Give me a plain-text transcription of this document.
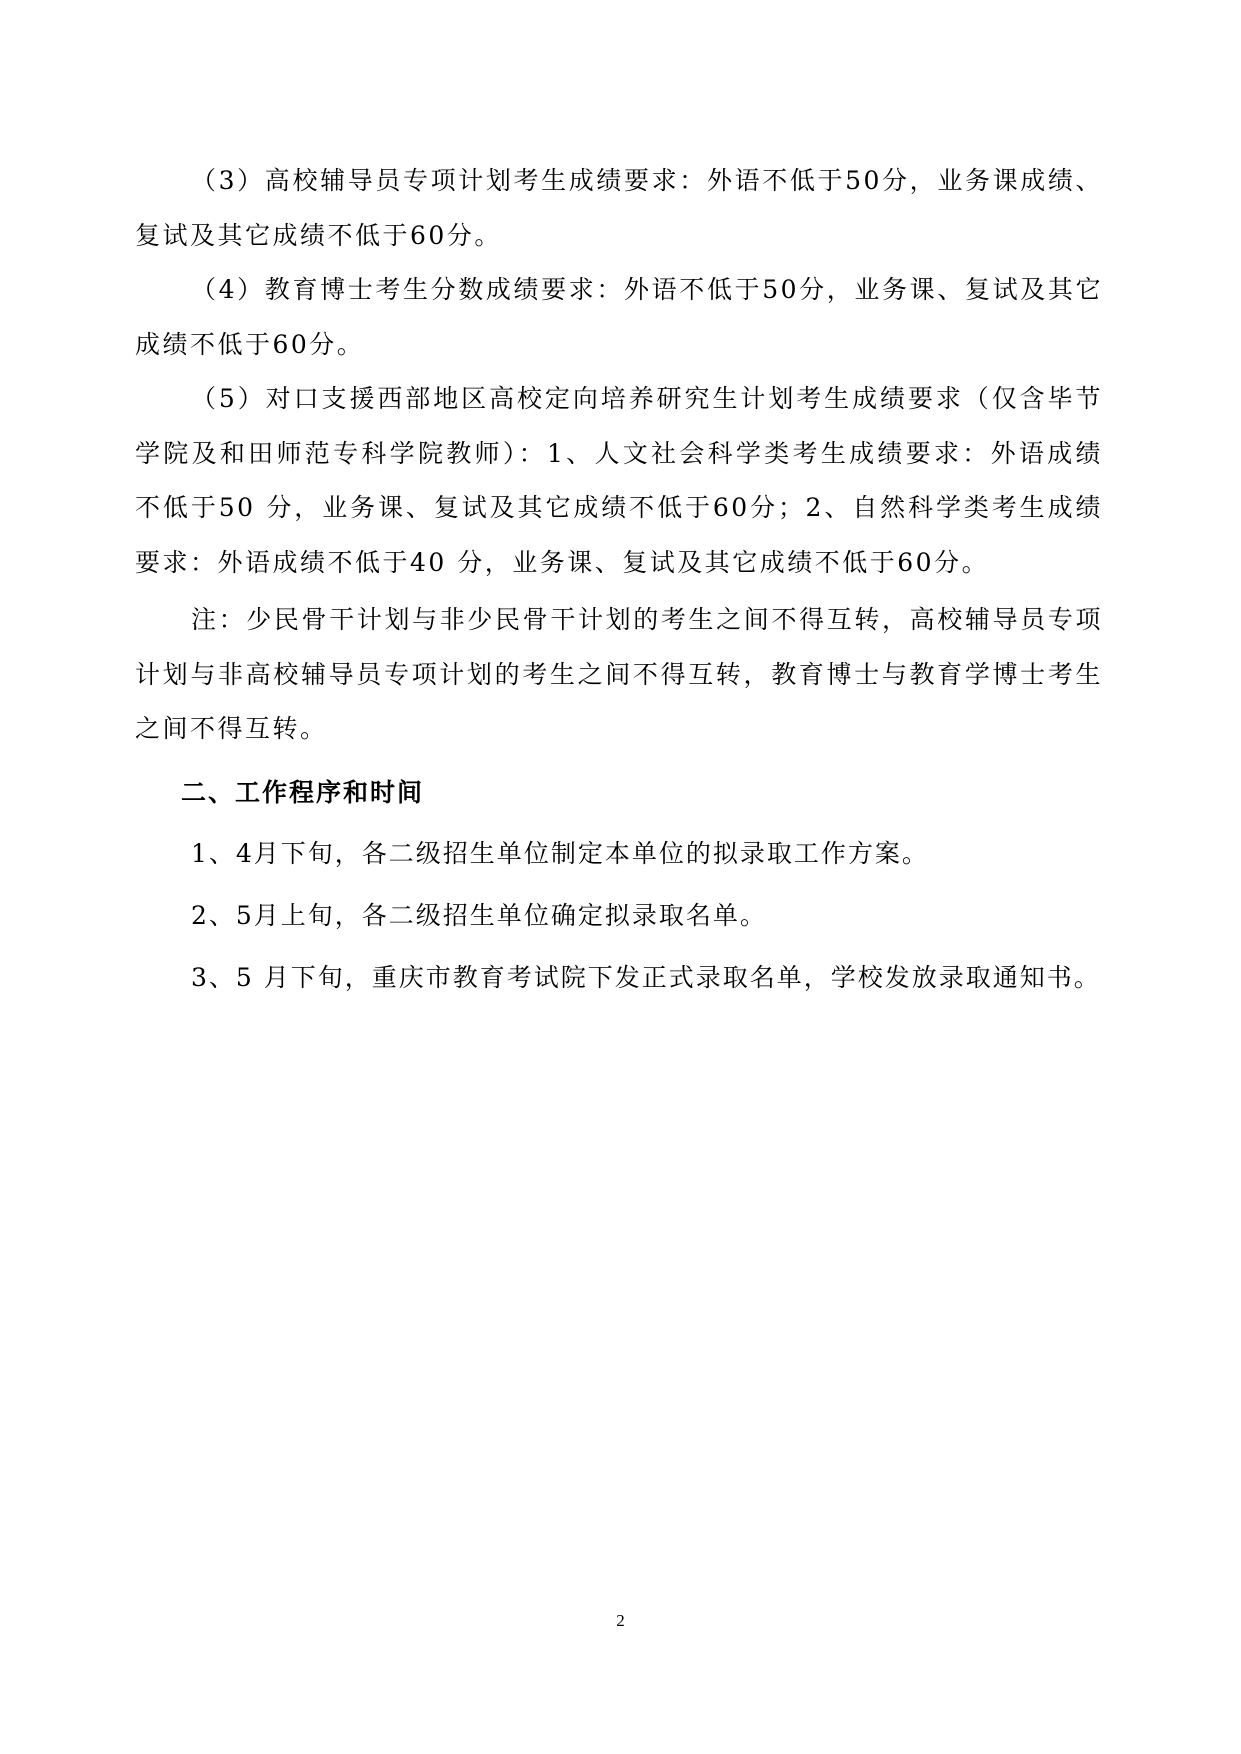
（3）高校辅导员专项计划考生成绩要求：外语不低于50分，业务课成绩、复试及其它成绩不低于60分。

（4）教育博士考生分数成绩要求：外语不低于50分，业务课、复试及其它成绩不低于60分。

（5）对口支援西部地区高校定向培养研究生计划考生成绩要求（仅含毕节学院及和田师范专科学院教师）：1、人文社会科学类考生成绩要求：外语成绩不低于50 分，业务课、复试及其它成绩不低于60分；2、自然科学类考生成绩要求：外语成绩不低于40 分，业务课、复试及其它成绩不低于60分。

注：少民骨干计划与非少民骨干计划的考生之间不得互转，高校辅导员专项计划与非高校辅导员专项计划的考生之间不得互转，教育博士与教育学博士考生之间不得互转。

二、工作程序和时间

1、4月下旬，各二级招生单位制定本单位的拟录取工作方案。

2、5月上旬，各二级招生单位确定拟录取名单。

3、5 月下旬，重庆市教育考试院下发正式录取名单，学校发放录取通知书。

2
